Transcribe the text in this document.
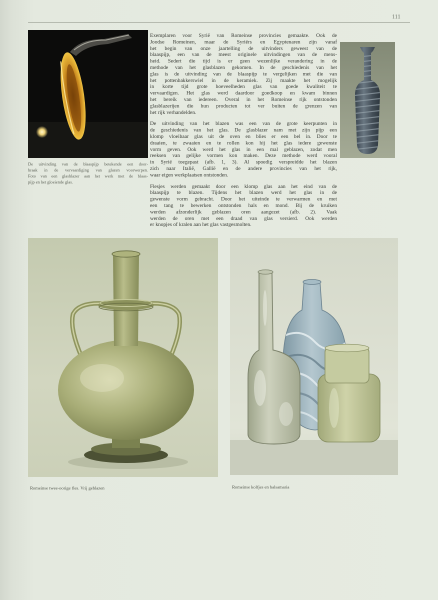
111
De uitvinding van de blaaspijp betekende een door-
braak in de vervaardiging van glazen voorwerpen.
Foto van een glasblazer aan het werk met de blaas-
pijp en het gloeiende glas.
Exemplaren voor Syrië van Romeinse provincies gemaakte. Ook de
Joodse Romeinen, maar de Syriërs en Egyptenaren zijn vanaf
het begin van onze jaartelling de uitvinders geweest van de
blaaspijp, een van de meest originele uitvindingen van de mens-
heid. Sedert die tijd is er geen wezenlijke verandering in de
methode van het glasblazen gekomen. In de geschiedenis van het
glas is de uitvinding van de blaaspijp te vergelijken met die van
het pottenbakkerswiel in de keramiek. Zij maakte het mogelijk
in korte tijd grote hoeveelheden glas van goede kwaliteit te
vervaardigen. Het glas werd daardoor goedkoop en kwam binnen
het bereik van iedereen. Overal in het Romeinse rijk ontstonden
glasblazerijen die hun producten tot ver buiten de grenzen van
het rijk verhandelden.
De uitvinding van het blazen was een van de grote keerpunten in
de geschiedenis van het glas. De glasblazer nam met zijn pijp een
klomp vloeibaar glas uit de oven en blies er een bel in. Door te
draaien, te zwaaien en te rollen kon hij het glas iedere gewenste
vorm geven. Ook werd het glas in een mal geblazen, zodat men
reeksen van gelijke vormen kon maken. Deze methode werd vooral
in Syrië toegepast (afb. 1, 3). Al spoedig verspreidde het blazen
zich naar Italië, Gallië en de andere provincies van het rijk,
waar eigen werkplaatsen ontstonden.
Flesjes werden gemaakt door een klomp glas aan het eind van de
blaaspijp te blazen. Tijdens het blazen werd het glas in de
gewenste vorm gebracht. Door het uiteinde te verwarmen en met
een tang te bewerken ontstonden hals en mond. Bij de kruiken
werden afzonderlijk geblazen oren aangezet (afb. 2). Vaak
werden de oren met een draad van glas versierd. Ook werden
er knopjes of kralen aan het glas vastgesmolten.
Romeinse twee-oorige fles. Vrij geblazen	Romeinse kolfjes en balsamaria
